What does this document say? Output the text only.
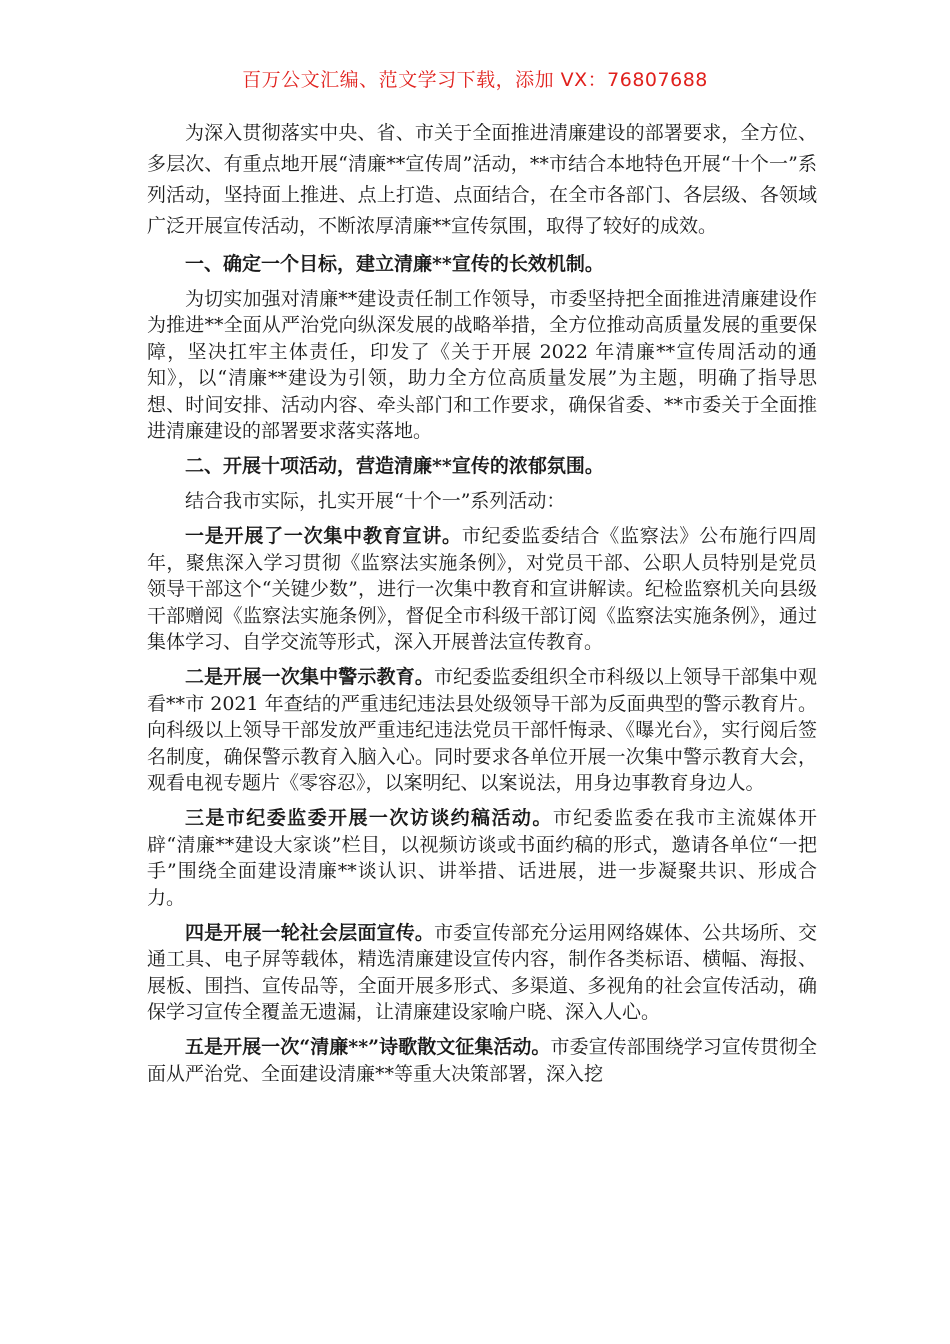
百万公文汇编、范文学习下载，添加 VX：76807688

为深入贯彻落实中央、省、市关于全面推进清廉建设的部署要求，全方位、多层次、有重点地开展“清廉**宣传周”活动，**市结合本地特色开展“十个一”系列活动，坚持面上推进、点上打造、点面结合，在全市各部门、各层级、各领域广泛开展宣传活动，不断浓厚清廉**宣传氛围，取得了较好的成效。

一、确定一个目标，建立清廉**宣传的长效机制。

为切实加强对清廉**建设责任制工作领导，市委坚持把全面推进清廉建设作为推进**全面从严治党向纵深发展的战略举措，全方位推动高质量发展的重要保障，坚决扛牢主体责任，印发了《关于开展 2022 年清廉**宣传周活动的通知》，以“清廉**建设为引领，助力全方位高质量发展”为主题，明确了指导思想、时间安排、活动内容、牵头部门和工作要求，确保省委、**市委关于全面推进清廉建设的部署要求落实落地。

二、开展十项活动，营造清廉**宣传的浓郁氛围。

结合我市实际，扎实开展“十个一”系列活动：

一是开展了一次集中教育宣讲。市纪委监委结合《监察法》公布施行四周年，聚焦深入学习贯彻《监察法实施条例》，对党员干部、公职人员特别是党员领导干部这个“关键少数”，进行一次集中教育和宣讲解读。纪检监察机关向县级干部赠阅《监察法实施条例》，督促全市科级干部订阅《监察法实施条例》，通过集体学习、自学交流等形式，深入开展普法宣传教育。

二是开展一次集中警示教育。市纪委监委组织全市科级以上领导干部集中观看**市 2021 年查结的严重违纪违法县处级领导干部为反面典型的警示教育片。向科级以上领导干部发放严重违纪违法党员干部忏悔录、《曝光台》，实行阅后签名制度，确保警示教育入脑入心。同时要求各单位开展一次集中警示教育大会，观看电视专题片《零容忍》，以案明纪、以案说法，用身边事教育身边人。

三是市纪委监委开展一次访谈约稿活动。市纪委监委在我市主流媒体开辟“清廉**建设大家谈”栏目，以视频访谈或书面约稿的形式，邀请各单位“一把手”围绕全面建设清廉**谈认识、讲举措、话进展，进一步凝聚共识、形成合力。

四是开展一轮社会层面宣传。市委宣传部充分运用网络媒体、公共场所、交通工具、电子屏等载体，精选清廉建设宣传内容，制作各类标语、横幅、海报、展板、围挡、宣传品等，全面开展多形式、多渠道、多视角的社会宣传活动，确保学习宣传全覆盖无遗漏，让清廉建设家喻户晓、深入人心。

五是开展一次“清廉**”诗歌散文征集活动。市委宣传部围绕学习宣传贯彻全面从严治党、全面建设清廉**等重大决策部署，深入挖
